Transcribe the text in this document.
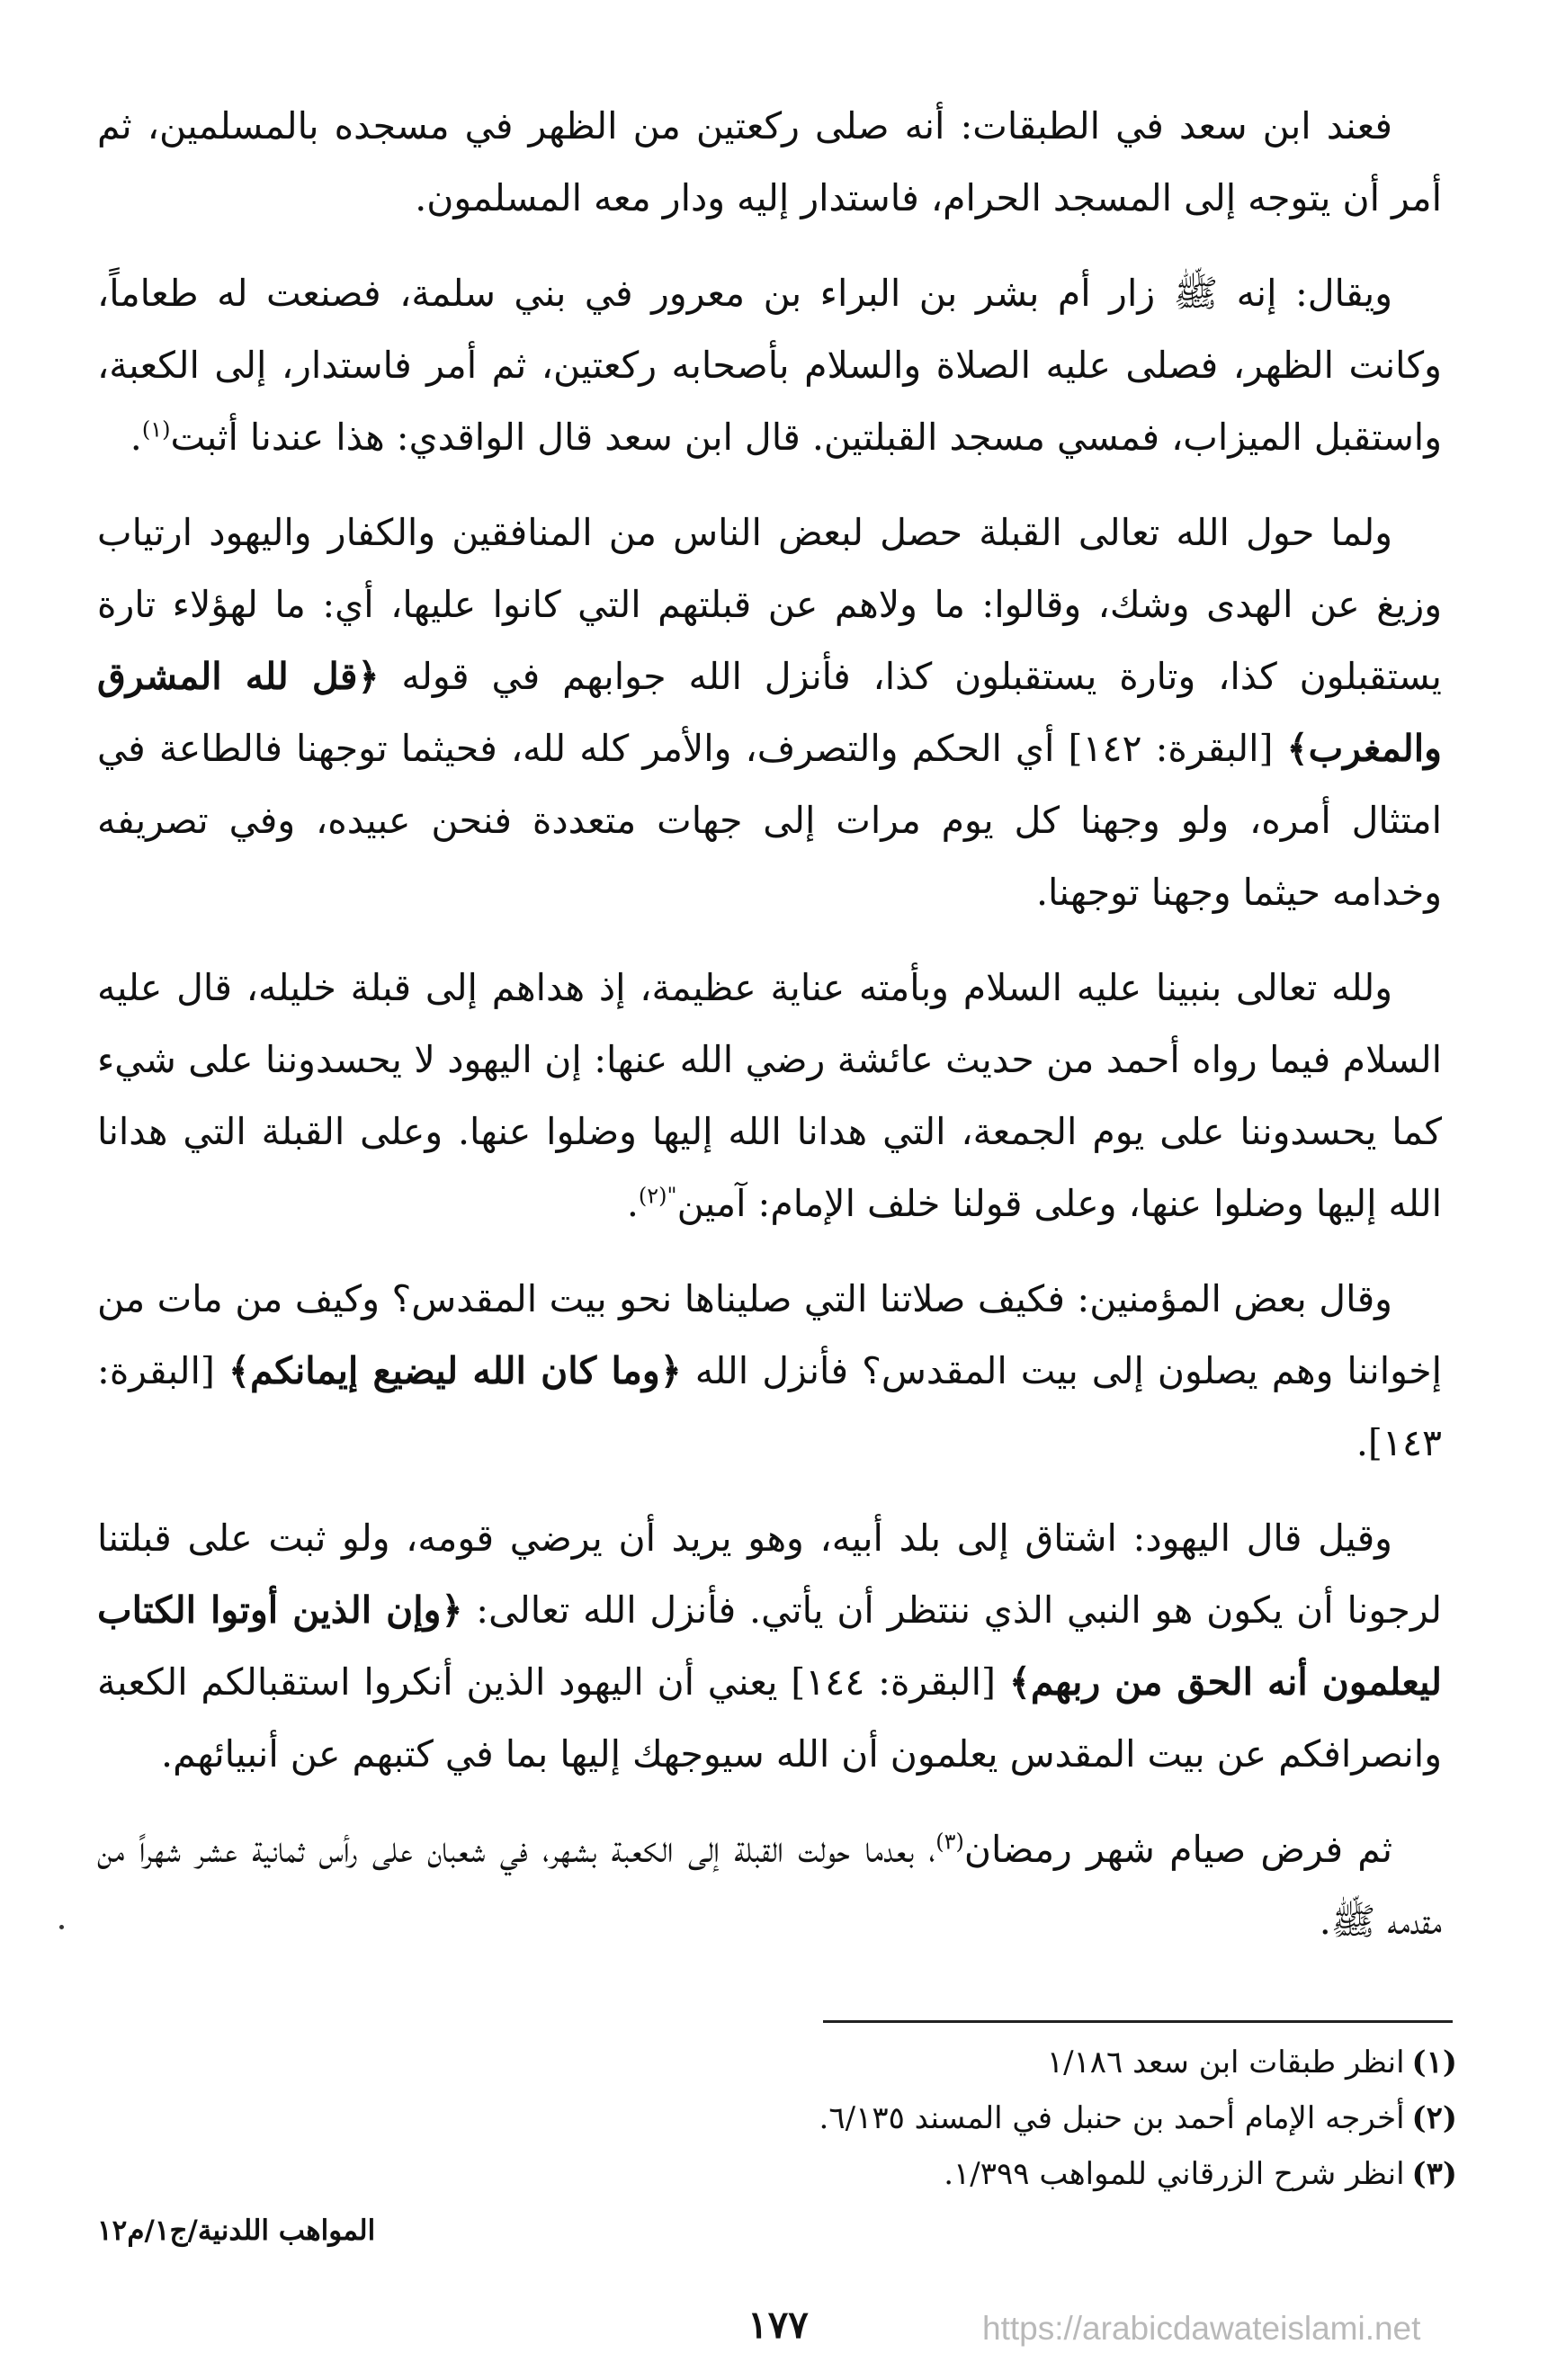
فعند ابن سعد في الطبقات: أنه صلى ركعتين من الظهر في مسجده بالمسلمين، ثم أمر أن يتوجه إلى المسجد الحرام، فاستدار إليه ودار معه المسلمون.

ويقال: إنه ﷺ زار أم بشر بن البراء بن معرور في بني سلمة، فصنعت له طعاماً، وكانت الظهر، فصلى عليه الصلاة والسلام بأصحابه ركعتين، ثم أمر فاستدار، إلى الكعبة، واستقبل الميزاب، فمسي مسجد القبلتين. قال ابن سعد قال الواقدي: هذا عندنا أثبت$^{(١)}$.

ولما حول الله تعالى القبلة حصل لبعض الناس من المنافقين والكفار واليهود ارتياب وزيغ عن الهدى وشك، وقالوا: ما ولاهم عن قبلتهم التي كانوا عليها، أي: ما لهؤلاء تارة يستقبلون كذا، وتارة يستقبلون كذا، فأنزل الله جوابهم في قوله ﴿قل لله المشرق والمغرب﴾ [البقرة: ١٤٢] أي الحكم والتصرف، والأمر كله لله، فحيثما توجهنا فالطاعة في امتثال أمره، ولو وجهنا كل يوم مرات إلى جهات متعددة فنحن عبيده، وفي تصريفه وخدامه حيثما وجهنا توجهنا.

ولله تعالى بنبينا عليه السلام وبأمته عناية عظيمة، إذ هداهم إلى قبلة خليله، قال عليه السلام فيما رواه أحمد من حديث عائشة رضي الله عنها: إن اليهود لا يحسدوننا على شيء كما يحسدوننا على يوم الجمعة، التي هدانا الله إليها وضلوا عنها. وعلى القبلة التي هدانا الله إليها وضلوا عنها، وعلى قولنا خلف الإمام: آمين$^{"(٢)}$.

وقال بعض المؤمنين: فكيف صلاتنا التي صليناها نحو بيت المقدس؟ وكيف من مات من إخواننا وهم يصلون إلى بيت المقدس؟ فأنزل الله ﴿وما كان الله ليضيع إيمانكم﴾ [البقرة: ١٤٣].

وقيل قال اليهود: اشتاق إلى بلد أبيه، وهو يريد أن يرضي قومه، ولو ثبت على قبلتنا لرجونا أن يكون هو النبي الذي ننتظر أن يأتي. فأنزل الله تعالى: ﴿وإن الذين أوتوا الكتاب ليعلمون أنه الحق من ربهم﴾ [البقرة: ١٤٤] يعني أن اليهود الذين أنكروا استقبالكم الكعبة وانصرافكم عن بيت المقدس يعلمون أن الله سيوجهك إليها بما في كتبهم عن أنبيائهم.

ثم فرض صيام شهر رمضان$^{(٣)}$، بعدما حولت القبلة إلى الكعبة بشهر، في شعبان على رأس ثمانية عشر شهراً من مقدمه ﷺ.

(١)انظر طبقات ابن سعد ١/١٨٦

(٢)أخرجه الإمام أحمد بن حنبل في المسند ٦/١٣٥.

(٣)انظر شرح الزرقاني للمواهب ١/٣٩٩.

المواهب اللدنية/ج١/م١٢
١٧٧	https://arabicdawateislami.net
